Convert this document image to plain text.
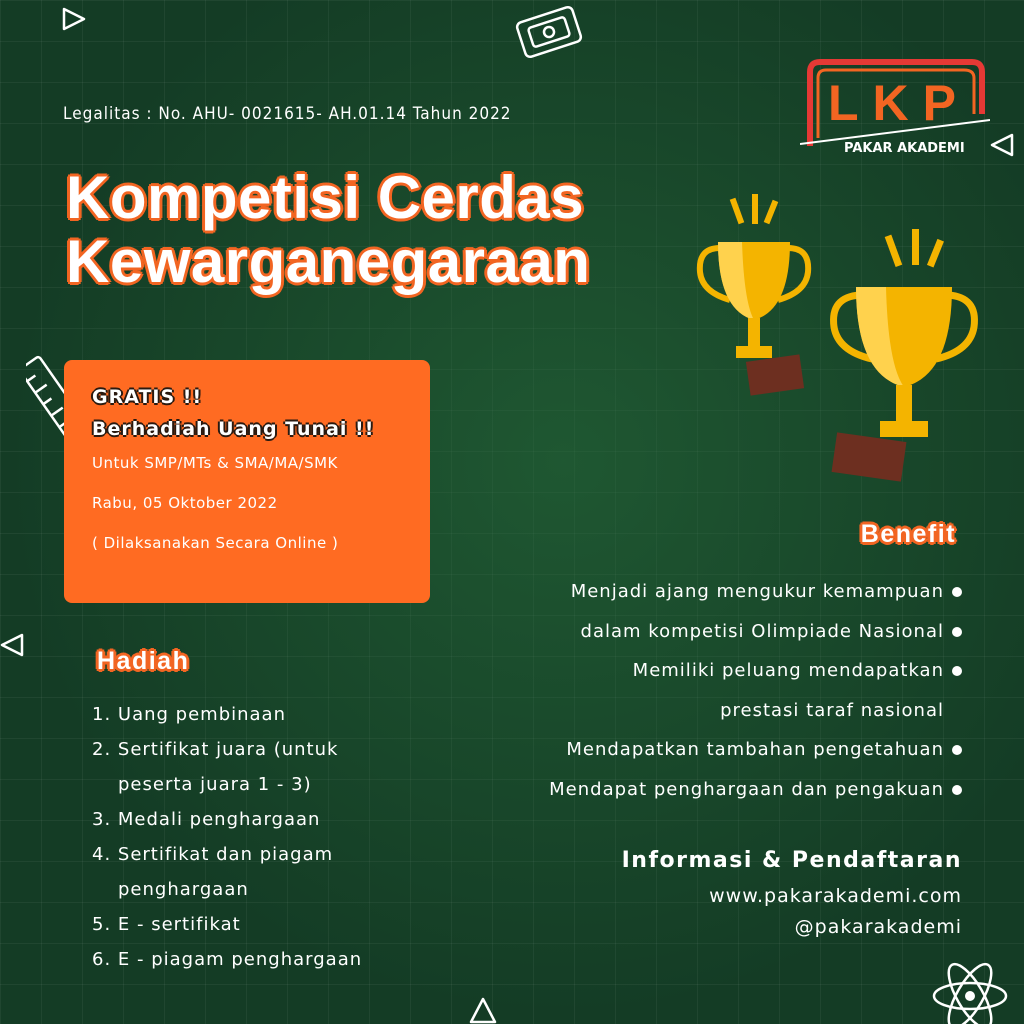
LKP
PAKAR AKADEMI
Legalitas : No. AHU- 0021615- AH.01.14 Tahun 2022
Kompetisi Cerdas
Kewarganegaraan
GRATIS !!
Berhadiah Uang Tunai !!
Untuk SMP/MTs & SMA/MA/SMK
Rabu, 05 Oktober 2022
( Dilaksanakan Secara Online )
Hadiah
1. Uang pembinaan
2. Sertifikat juara (untuk
peserta juara 1 - 3)
3. Medali penghargaan
4. Sertifikat dan piagam
penghargaan
5. E - sertifikat
6. E - piagam penghargaan
Benefit
Menjadi ajang mengukur kemampuan
dalam kompetisi Olimpiade Nasional
Memiliki peluang mendapatkan
prestasi taraf nasional
Mendapatkan tambahan pengetahuan
Mendapat penghargaan dan pengakuan
Informasi & Pendaftaran
www.pakarakademi.com
@pakarakademi
